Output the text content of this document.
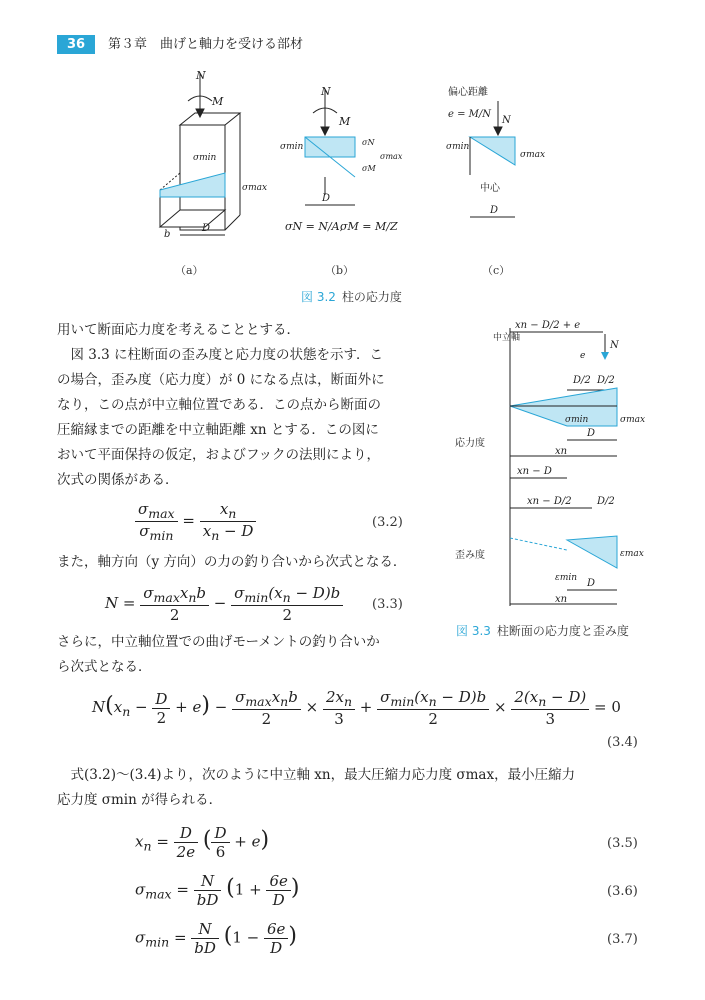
36	第３章　曲げと軸力を受ける部材
D
b
N
M
σmin
σmax
N
M
σmin	σN
σM
σmax
D
σN = N/A,
σM = M/Z
偏心距離
e = M/N
N
σmin
σmax
中心
D
（a）	（b）	（c）
図 3.2 柱の応力度
用いて断面応力度を考えることとする．
図 3.3 に柱断面の歪み度と応力度の状態を示す．こ
の場合，歪み度（応力度）が 0 になる点は，断面外に
なり，この点が中立軸位置である．この点から断面の
圧縮縁までの距離を中立軸距離 xn とする．この図に
おいて平面保持の仮定，およびフックの法則により，
次式の関係がある．
$\frac{\sigma_{max}}{\sigma_{min}} = \frac{x_n}{x_n - D}$	(3.2)
また，軸方向（y 方向）の力の釣り合いから次式となる．
$N = \frac{\sigma_{max}x_nb}{2} - \frac{\sigma_{min}(x_n - D)b}{2} (3.3)$
さらに，中立軸位置での曲げモーメントの釣り合いか
ら次式となる．
中立軸
xn − D/2 + e
N
e
D/2 D/2
σmin	σmax
応力度
D
xn
xn − D
xn − D/2	D/2
歪み度
εmin
εmax
D
xn
図 3.3 柱断面の応力度と歪み度
$N(x_n - \frac{D}{2} + e) - \frac{\sigma_{max}x_nb}{2} \times \frac{2x_n}{3} + \frac{\sigma_{min}(x_n - D)b}{2} \times \frac{2(x_n - D)}{3} = 0$
(3.4)
式(3.2)～(3.4)より，次のように中立軸 xn，最大圧縮力応力度 σmax，最小圧縮力
応力度 σmin が得られる．
$x_n = \frac{D}{2e}$ ( $\frac{D}{6} + e$)	(3.5)
$\sigma_{max} = \frac{N}{bD} (1 + \frac{6e}{D}$ )	(3.6)
$\sigma_{min} = \frac{N}{bD} (1 - \frac{6e}{D}$ )	(3.7)
